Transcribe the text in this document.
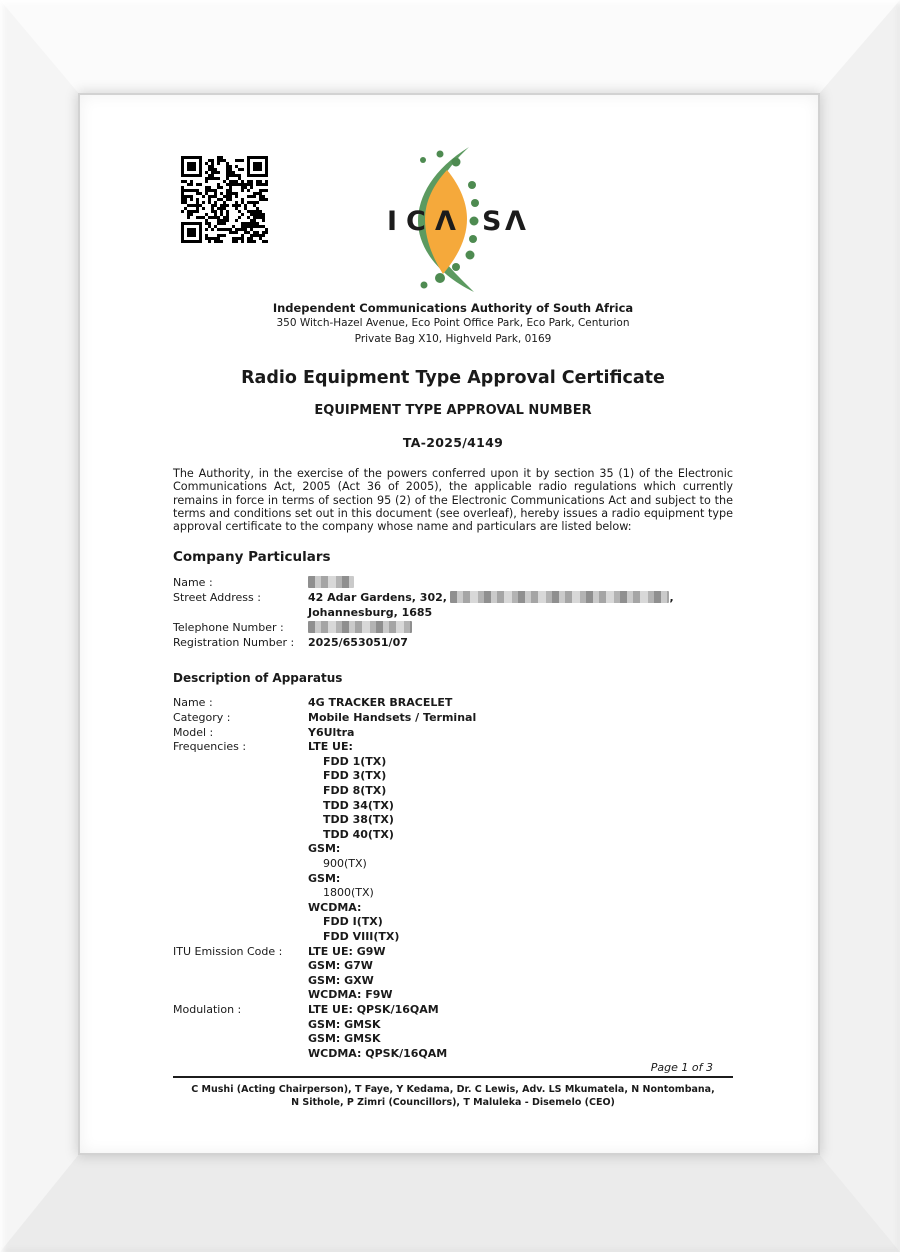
I C Λ S Λ
Independent Communications Authority of South Africa
350 Witch-Hazel Avenue, Eco Point Office Park, Eco Park, Centurion
Private Bag X10, Highveld Park, 0169
Radio Equipment Type Approval Certificate
EQUIPMENT TYPE APPROVAL NUMBER
TA-2025/4149

The Authority, in the exercise of the powers conferred upon it by section 35 (1) of the Electronic Communications Act, 2005 (Act 36 of 2005), the applicable radio regulations which currently remains in force in terms of section 95 (2) of the Electronic Communications Act and subject to the terms and conditions set out in this document (see overleaf), hereby issues a radio equipment type approval certificate to the company whose name and particulars are listed below:

Company Particulars
Name :
Street Address :	42 Adar Gardens, 302,	,
Johannesburg, 1685
Telephone Number :
Registration Number :	2025/653051/07
Description of Apparatus
Name :	4G TRACKER BRACELET
Category :	Mobile Handsets / Terminal
Model :	Y6Ultra
Frequencies :	LTE UE:
FDD 1(TX)
FDD 3(TX)
FDD 8(TX)
TDD 34(TX)
TDD 38(TX)
TDD 40(TX)
GSM:
900(TX)
GSM:
1800(TX)
WCDMA:
FDD I(TX)
FDD VIII(TX)
ITU Emission Code :	LTE UE: G9W
GSM: G7W
GSM: GXW
WCDMA: F9W
Modulation :	LTE UE: QPSK/16QAM
GSM: GMSK
GSM: GMSK
WCDMA: QPSK/16QAM
Page 1 of 3
C Mushi (Acting Chairperson), T Faye, Y Kedama, Dr. C Lewis, Adv. LS Mkumatela, N Nontombana,
N Sithole, P Zimri (Councillors), T Maluleka - Disemelo (CEO)
